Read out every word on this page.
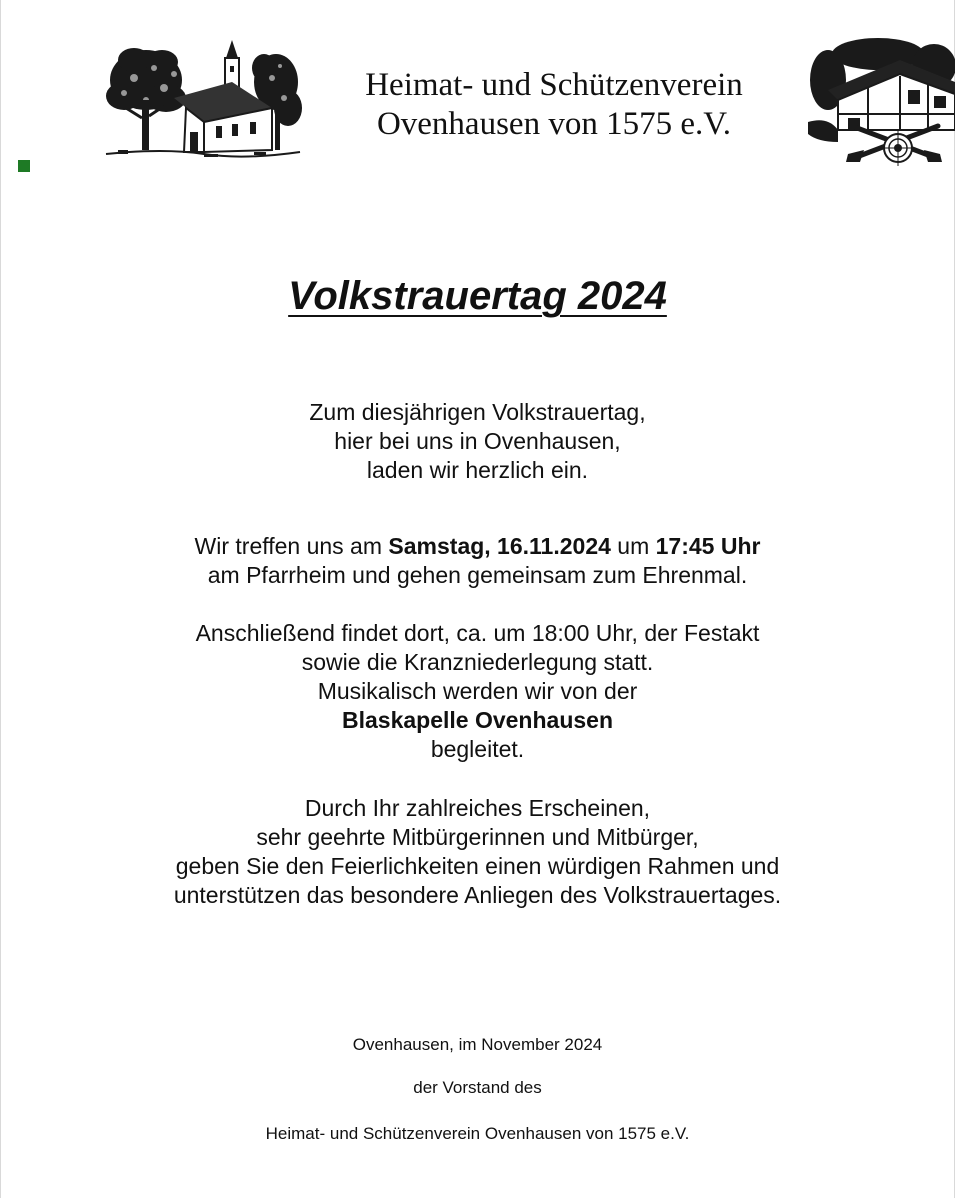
Heimat- und Schützenverein
Ovenhausen von 1575 e.V.
Volkstrauertag 2024
Zum diesjährigen Volkstrauertag,
hier bei uns in Ovenhausen,
laden wir herzlich ein.
Wir treffen uns am Samstag, 16.11.2024 um 17:45 Uhr
am Pfarrheim und gehen gemeinsam zum Ehrenmal.
Anschließend findet dort, ca. um 18:00 Uhr, der Festakt
sowie die Kranzniederlegung statt.
Musikalisch werden wir von der
Blaskapelle Ovenhausen
begleitet.
Durch Ihr zahlreiches Erscheinen,
sehr geehrte Mitbürgerinnen und Mitbürger,
geben Sie den Feierlichkeiten einen würdigen Rahmen und
unterstützen das besondere Anliegen des Volkstrauertages.
Ovenhausen, im November 2024
der Vorstand des
Heimat- und Schützenverein Ovenhausen von 1575 e.V.
